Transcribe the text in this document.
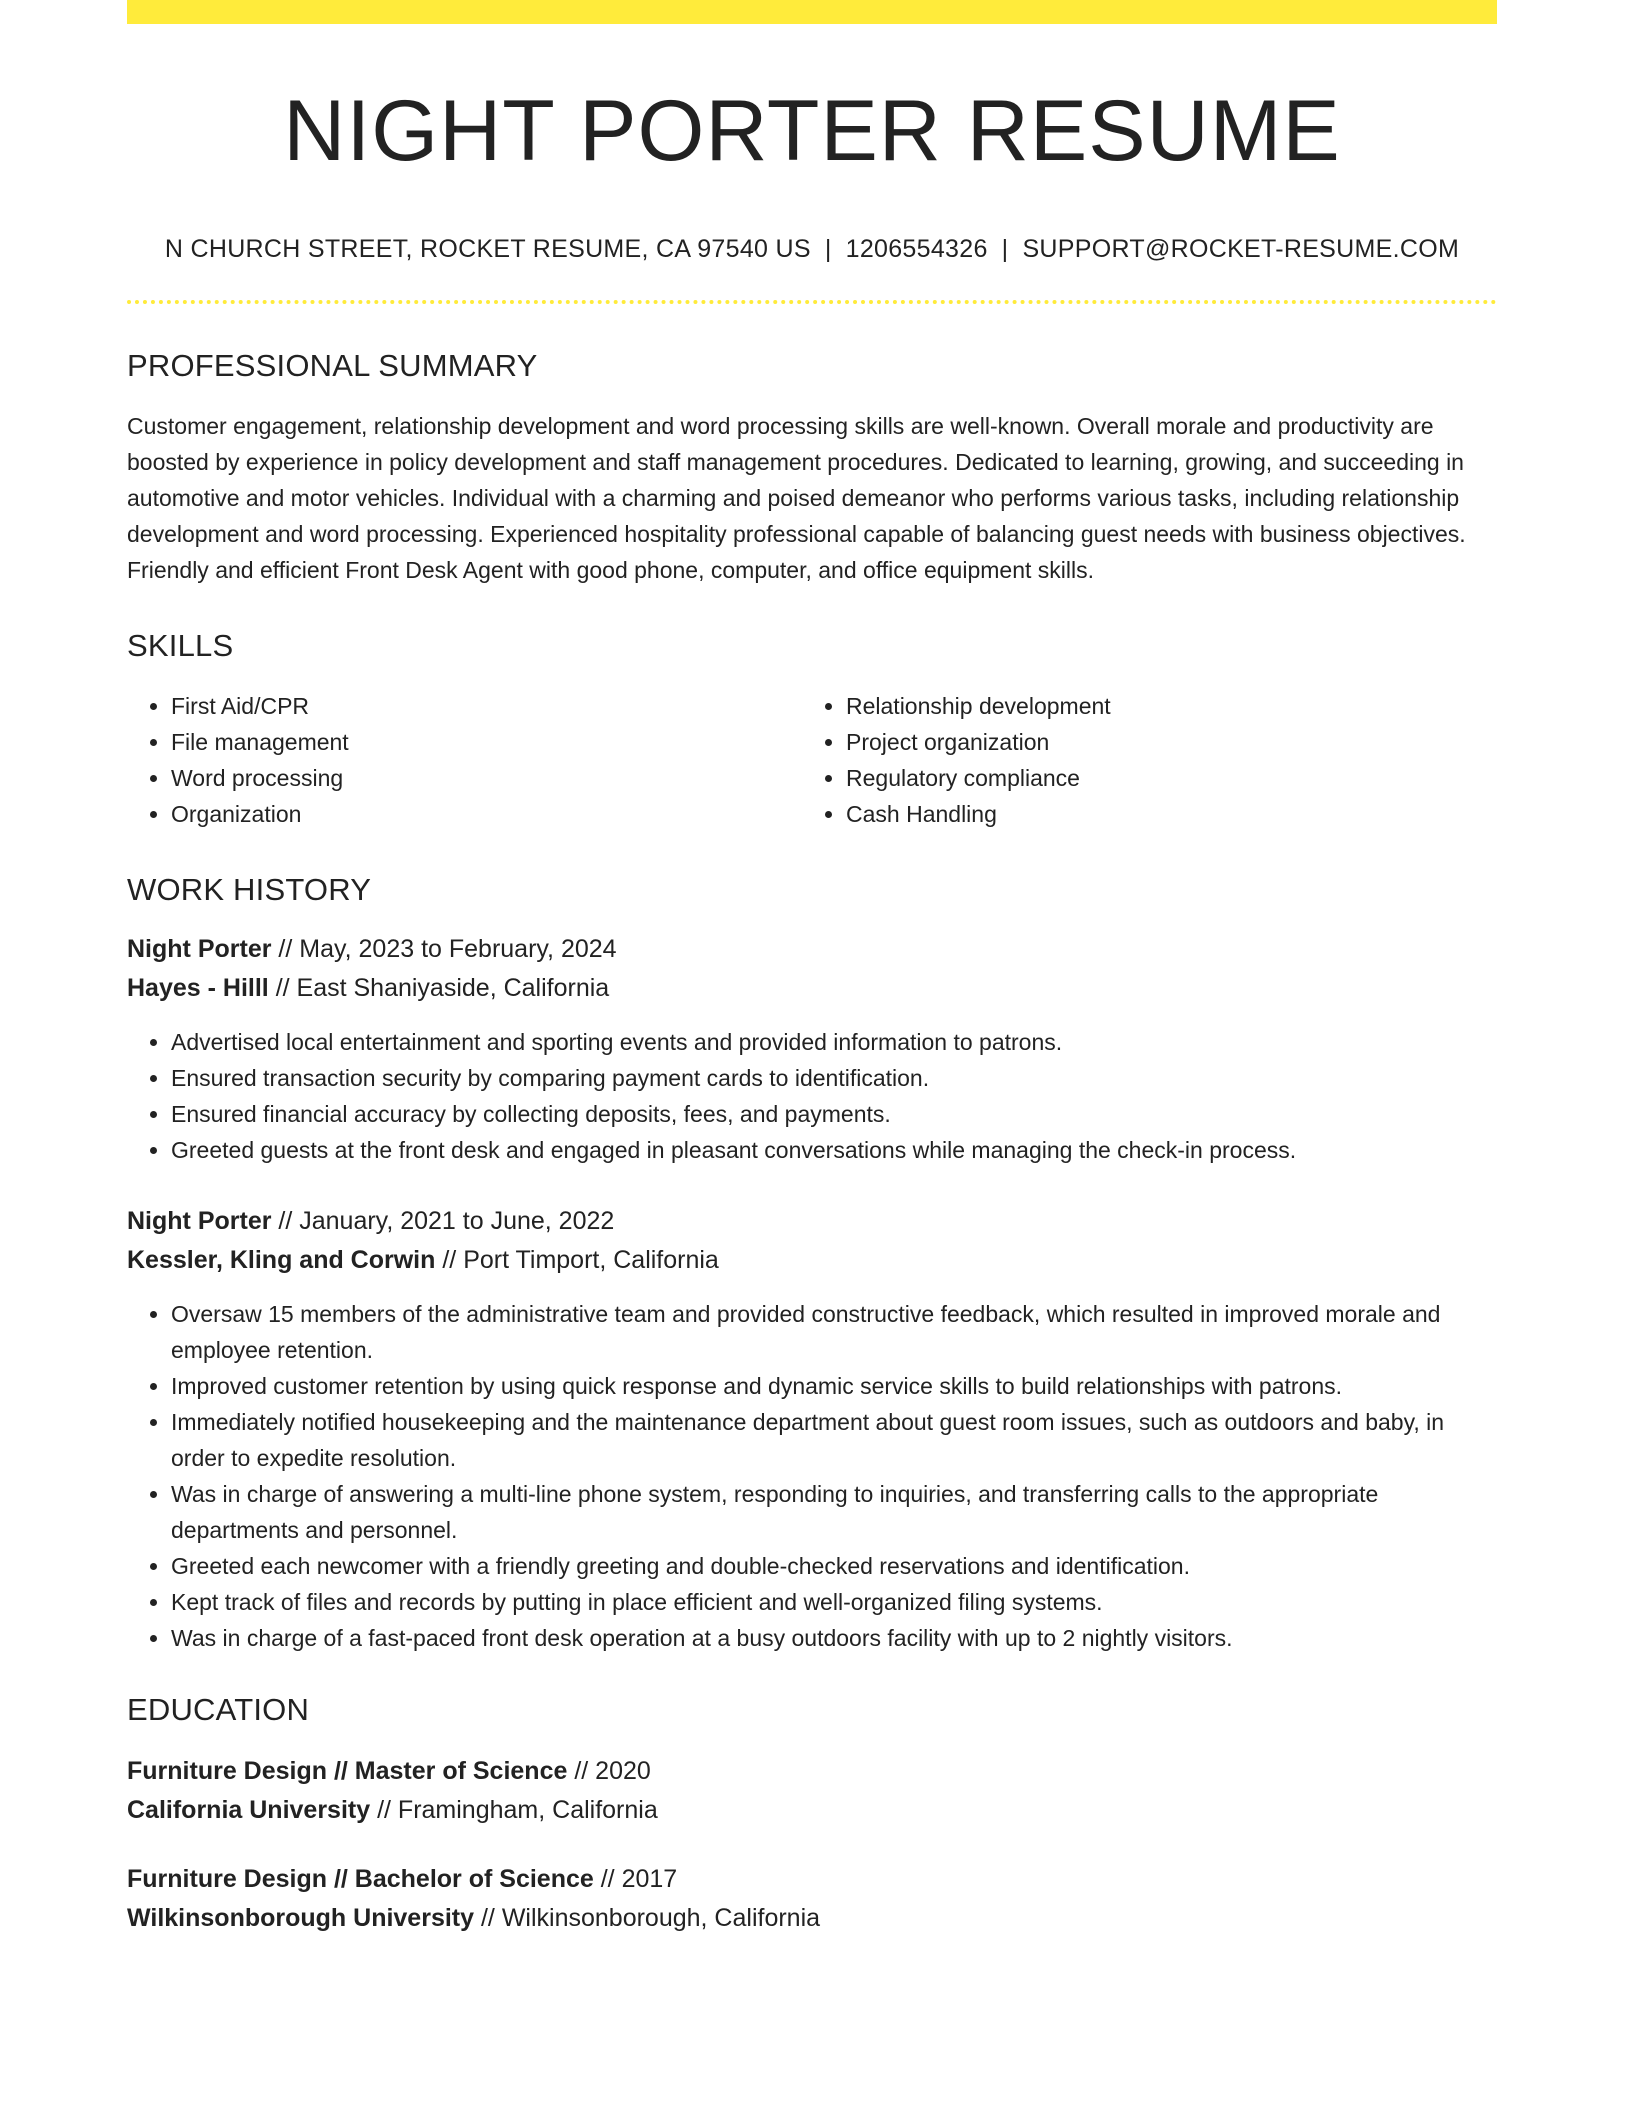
NIGHT PORTER RESUME
N CHURCH STREET, ROCKET RESUME, CA 97540 US | 1206554326 | SUPPORT@ROCKET-RESUME.COM
PROFESSIONAL SUMMARY

Customer engagement, relationship development and word processing skills are well-known. Overall morale and productivity are boosted by experience in policy development and staff management procedures. Dedicated to learning, growing, and succeeding in automotive and motor vehicles. Individual with a charming and poised demeanor who performs various tasks, including relationship development and word processing. Experienced hospitality professional capable of balancing guest needs with business objectives. Friendly and efficient Front Desk Agent with good phone, computer, and office equipment skills.

SKILLS
• First Aid/CPR
• File management
• Word processing
• Organization
• Relationship development
• Project organization
• Regulatory compliance
• Cash Handling
WORK HISTORY
Night Porter // May, 2023 to February, 2024
Hayes - Hilll // East Shaniyaside, California
• Advertised local entertainment and sporting events and provided information to patrons.
• Ensured transaction security by comparing payment cards to identification.
• Ensured financial accuracy by collecting deposits, fees, and payments.
• Greeted guests at the front desk and engaged in pleasant conversations while managing the check-in process.
Night Porter // January, 2021 to June, 2022
Kessler, Kling and Corwin // Port Timport, California
• Oversaw 15 members of the administrative team and provided constructive feedback, which resulted in improved morale and employee retention.
• Improved customer retention by using quick response and dynamic service skills to build relationships with patrons.
• Immediately notified housekeeping and the maintenance department about guest room issues, such as outdoors and baby, in order to expedite resolution.
• Was in charge of answering a multi-line phone system, responding to inquiries, and transferring calls to the appropriate departments and personnel.
• Greeted each newcomer with a friendly greeting and double-checked reservations and identification.
• Kept track of files and records by putting in place efficient and well-organized filing systems.
• Was in charge of a fast-paced front desk operation at a busy outdoors facility with up to 2 nightly visitors.
EDUCATION
Furniture Design // Master of Science // 2020
California University // Framingham, California
Furniture Design // Bachelor of Science // 2017
Wilkinsonborough University // Wilkinsonborough, California
